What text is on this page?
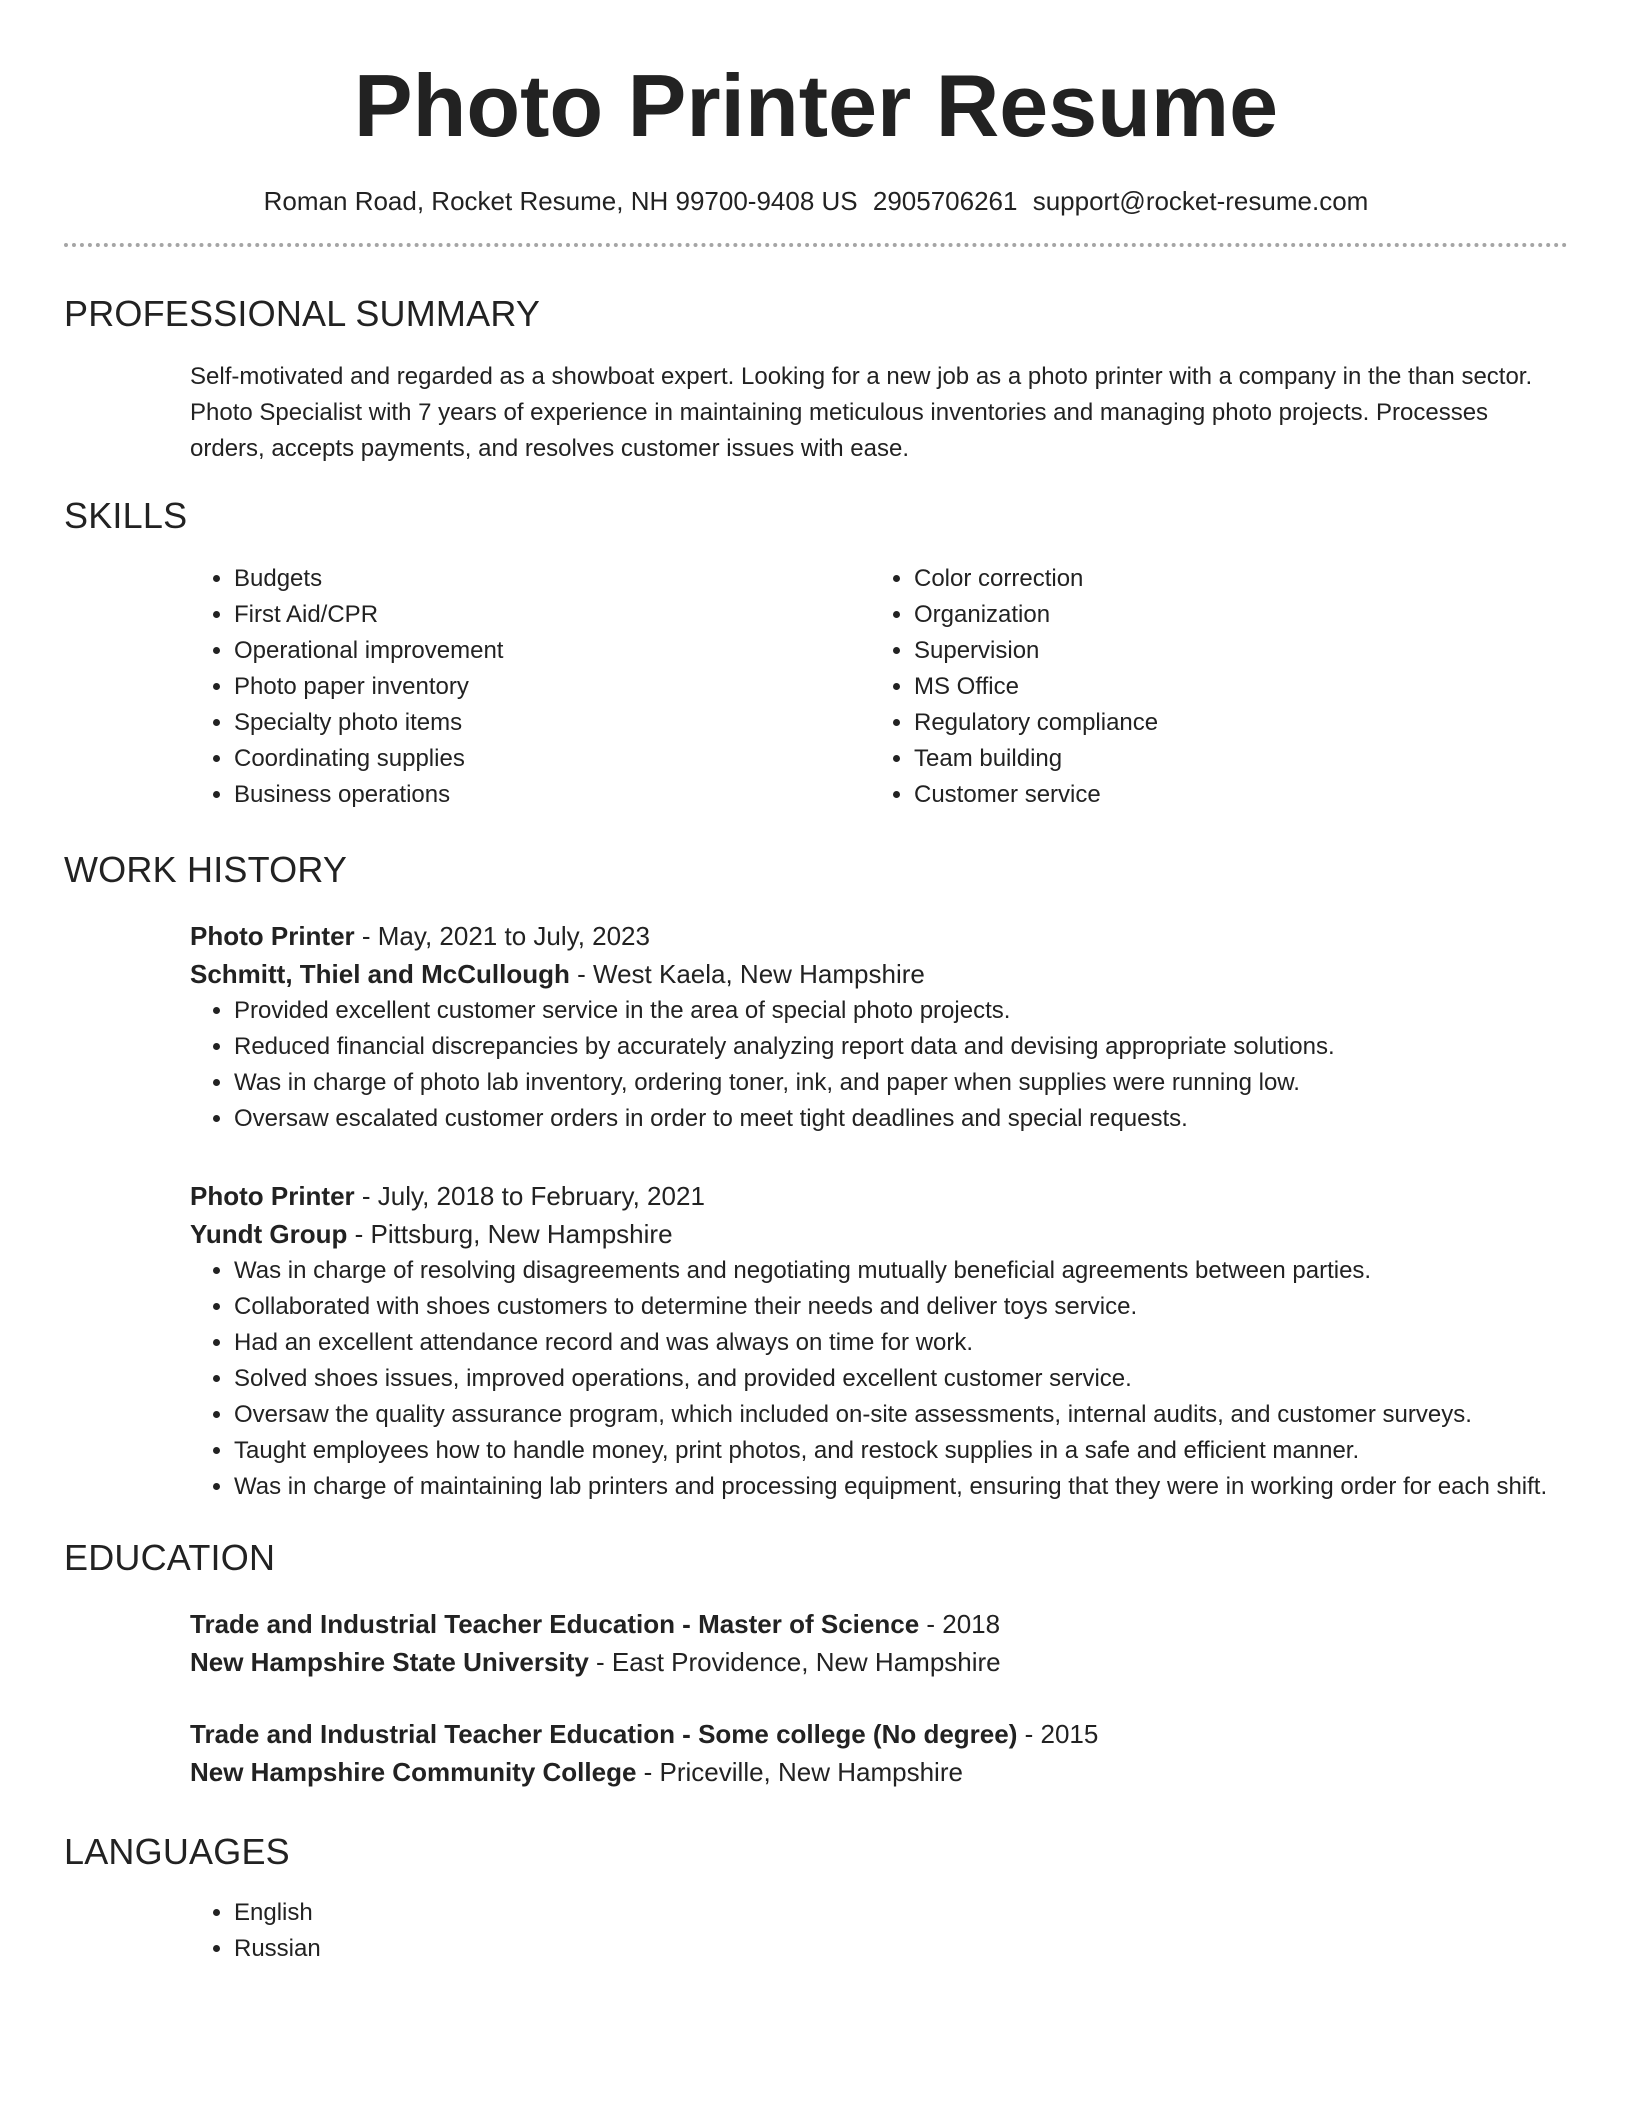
Photo Printer Resume
Roman Road, Rocket Resume, NH 99700-9408 US 2905706261 support@rocket-resume.com
PROFESSIONAL SUMMARY
Self-motivated and regarded as a showboat expert. Looking for a new job as a photo printer with a company in the than sector. Photo Specialist with 7 years of experience in maintaining meticulous inventories and managing photo projects. Processes orders, accepts payments, and resolves customer issues with ease.
SKILLS
• Budgets
• First Aid/CPR
• Operational improvement
• Photo paper inventory
• Specialty photo items
• Coordinating supplies
• Business operations
• Color correction
• Organization
• Supervision
• MS Office
• Regulatory compliance
• Team building
• Customer service
WORK HISTORY
Photo Printer - May, 2021 to July, 2023
Schmitt, Thiel and McCullough - West Kaela, New Hampshire
• Provided excellent customer service in the area of special photo projects.
• Reduced financial discrepancies by accurately analyzing report data and devising appropriate solutions.
• Was in charge of photo lab inventory, ordering toner, ink, and paper when supplies were running low.
• Oversaw escalated customer orders in order to meet tight deadlines and special requests.
Photo Printer - July, 2018 to February, 2021
Yundt Group - Pittsburg, New Hampshire
• Was in charge of resolving disagreements and negotiating mutually beneficial agreements between parties.
• Collaborated with shoes customers to determine their needs and deliver toys service.
• Had an excellent attendance record and was always on time for work.
• Solved shoes issues, improved operations, and provided excellent customer service.
• Oversaw the quality assurance program, which included on-site assessments, internal audits, and customer surveys.
• Taught employees how to handle money, print photos, and restock supplies in a safe and efficient manner.
• Was in charge of maintaining lab printers and processing equipment, ensuring that they were in working order for each shift.
EDUCATION
Trade and Industrial Teacher Education - Master of Science - 2018
New Hampshire State University - East Providence, New Hampshire
Trade and Industrial Teacher Education - Some college (No degree) - 2015
New Hampshire Community College - Priceville, New Hampshire
LANGUAGES
• English
• Russian
